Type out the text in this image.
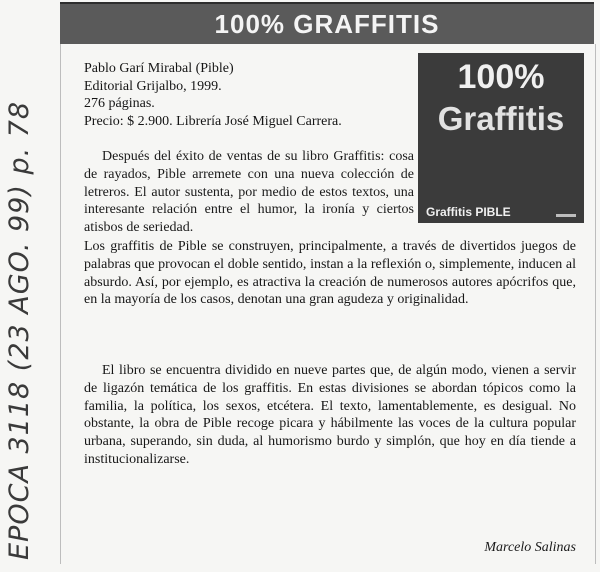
100% GRAFFITIS
EPOCA 3118 (23 AGO. 99) p. 78
100%
Graffitis
Graffitis PIBLE
Pablo Garí Mirabal (Pible)
Editorial Grijalbo, 1999.
276 páginas.
Precio: $ 2.900. Librería José Miguel Carrera.
Después del éxito de ventas de su libro Graffitis: cosa de rayados, Pible arremete con una nueva colección de letreros. El autor sustenta, por medio de estos textos, una interesante relación entre el humor, la ironía y ciertos atisbos de seriedad.
Los graffitis de Pible se construyen, principalmente, a través de divertidos juegos de palabras que provocan el doble sentido, instan a la reflexión o, simplemente, inducen al absurdo. Así, por ejemplo, es atractiva la creación de numerosos autores apócrifos que, en la mayoría de los casos, denotan una gran agudeza y originalidad.
El libro se encuentra dividido en nueve partes que, de algún modo, vienen a servir de ligazón temática de los graffitis. En estas divisiones se abordan tópicos como la familia, la política, los sexos, etcétera. El texto, lamentablemente, es desigual. No obstante, la obra de Pible recoge picara y hábilmente las voces de la cultura popular urbana, superando, sin duda, al humorismo burdo y simplón, que hoy en día tiende a institucionalizarse.
Marcelo Salinas
